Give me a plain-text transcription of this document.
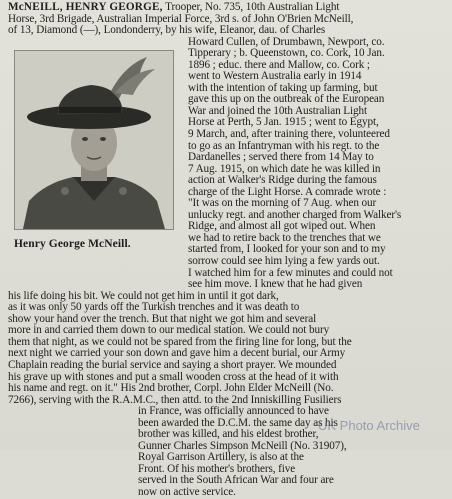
McNEILL, HENRY GEORGE, Trooper, No. 735, 10th Australian Light
Horse, 3rd Brigade, Australian Imperial Force, 3rd s. of John O'Brien McNeill,
of 13, Diamond (—), Londonderry, by his wife, Eleanor, dau. of Charles
Howard Cullen, of Drumbawn, Newport, co.
Tipperary ; b. Queenstown, co. Cork, 10 Jan.
1896 ; educ. there and Mallow, co. Cork ;
went to Western Australia early in 1914
with the intention of taking up farming, but
gave this up on the outbreak of the European
War and joined the 10th Australian Light
Horse at Perth, 5 Jan. 1915 ; went to Egypt,
9 March, and, after training there, volunteered
to go as an Infantryman with his regt. to the
Dardanelles ; served there from 14 May to
7 Aug. 1915, on which date he was killed in
action at Walker's Ridge during the famous
charge of the Light Horse. A comrade wrote :
"It was on the morning of 7 Aug. when our
unlucky regt. and another charged from Walker's
Ridge, and almost all got wiped out. When
we had to retire back to the trenches that we
started from, I looked for your son and to my
sorrow could see him lying a few yards out.
I watched him for a few minutes and could not
see him move. I knew that he had given
his life doing his bit. We could not get him in until it got dark,
as it was only 50 yards off the Turkish trenches and it was death to
show your hand over the trench. But that night we got him and several
more in and carried them down to our medical station. We could not bury
them that night, as we could not be spared from the firing line for long, but the
next night we carried your son down and gave him a decent burial, our Army
Chaplain reading the burial service and saying a short prayer. We mounded
his grave up with stones and put a small wooden cross at the head of it with
his name and regt. on it." His 2nd brother, Corpl. John Elder McNeill (No.
7266), serving with the R.A.M.C., then attd. to the 2nd Inniskilling Fusiliers
in France, was officially announced to have
been awarded the D.C.M. the same day as his
brother was killed, and his eldest brother,
Gunner Charles Simpson McNeill (No. 31907),
Royal Garrison Artillery, is also at the
Front. Of his mother's brothers, five
served in the South African War and four are
now on active service.
Henry George McNeill.
UK Photo Archive
